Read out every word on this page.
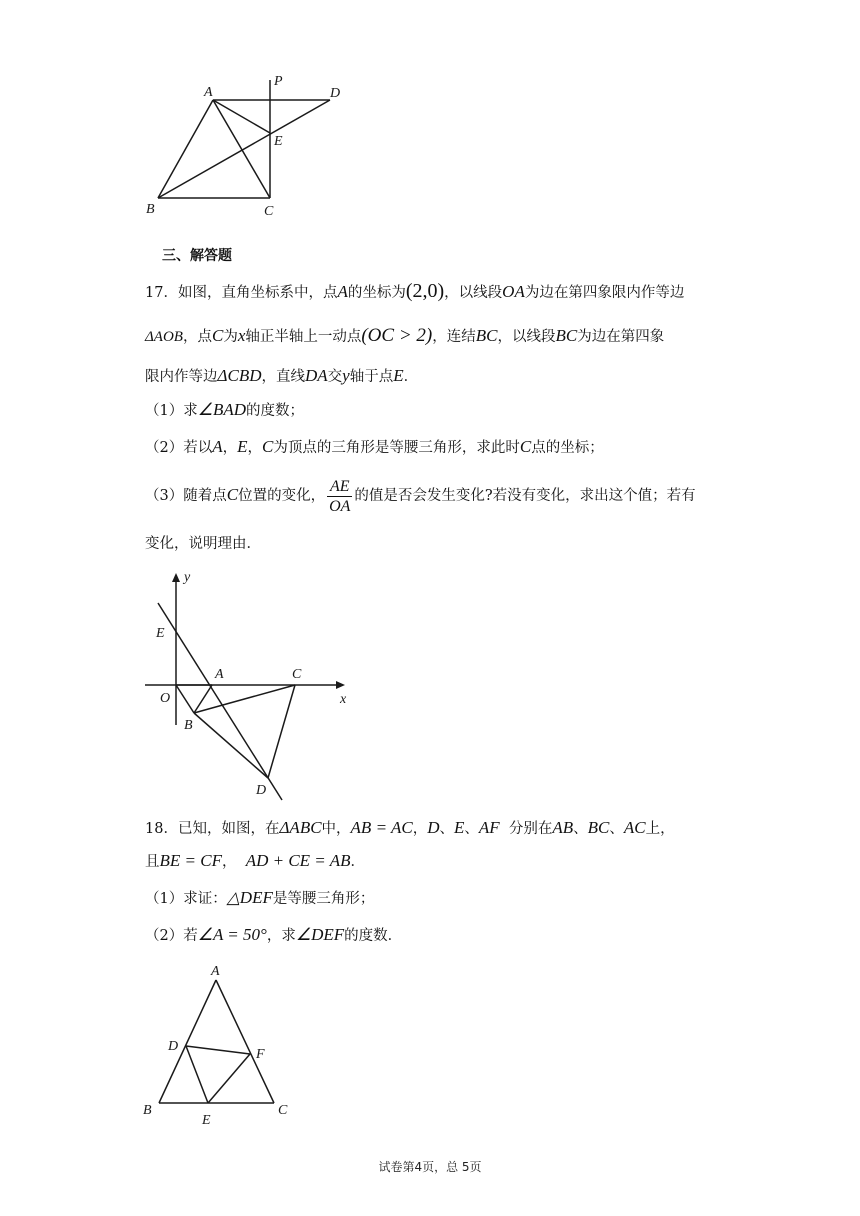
A
P
D
E
B	C
三、解答题
17．如图，直角坐标系中，点A的坐标为(2,0)，以线段OA为边在第四象限内作等边
ΔAOB，点C为x轴正半轴上一动点(OC > 2)，连结BC，以线段BC为边在第四象
限内作等边ΔCBD，直线DA交y轴于点E．
（1）求∠BAD的度数；
（2）若以A，E，C为顶点的三角形是等腰三角形，求此时C点的坐标；
（3）随着点C位置的变化， $\frac{AE}{OA}$ 的值是否会发生变化?若没有变化，求出这个值；若有
变化，说明理由．
y
E
A	C
O	x
B
D
18．已知，如图，在ΔABC中，AB = AC，D、E、AF  分别在AB、BC、AC上，
且BE = CF，  AD + CE = AB．
（1）求证：△DEF是等腰三角形；
（2）若∠A = 50°，求∠DEF的度数．
A
D
F
B
E
C
试卷第4页，总 5页
